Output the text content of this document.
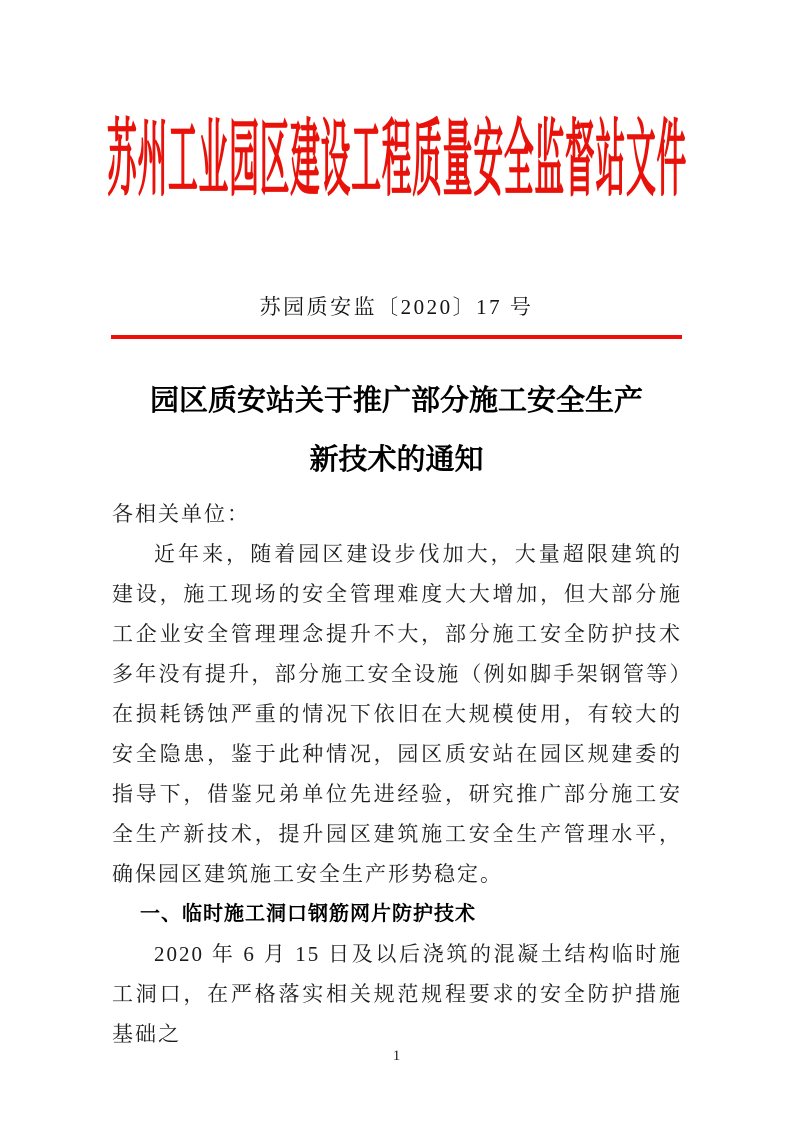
苏州工业园区建设工程质量安全监督站文件
苏园质安监〔2020〕17 号
园区质安站关于推广部分施工安全生产
新技术的通知
各相关单位：

近年来，随着园区建设步伐加大，大量超限建筑的建设，施工现场的安全管理难度大大增加，但大部分施工企业安全管理理念提升不大，部分施工安全防护技术多年没有提升，部分施工安全设施（例如脚手架钢管等）在损耗锈蚀严重的情况下依旧在大规模使用，有较大的安全隐患，鉴于此种情况，园区质安站在园区规建委的指导下，借鉴兄弟单位先进经验，研究推广部分施工安全生产新技术，提升园区建筑施工安全生产管理水平，确保园区建筑施工安全生产形势稳定。

一、临时施工洞口钢筋网片防护技术

2020 年 6 月 15 日及以后浇筑的混凝土结构临时施工洞口，在严格落实相关规范规程要求的安全防护措施基础之

1
